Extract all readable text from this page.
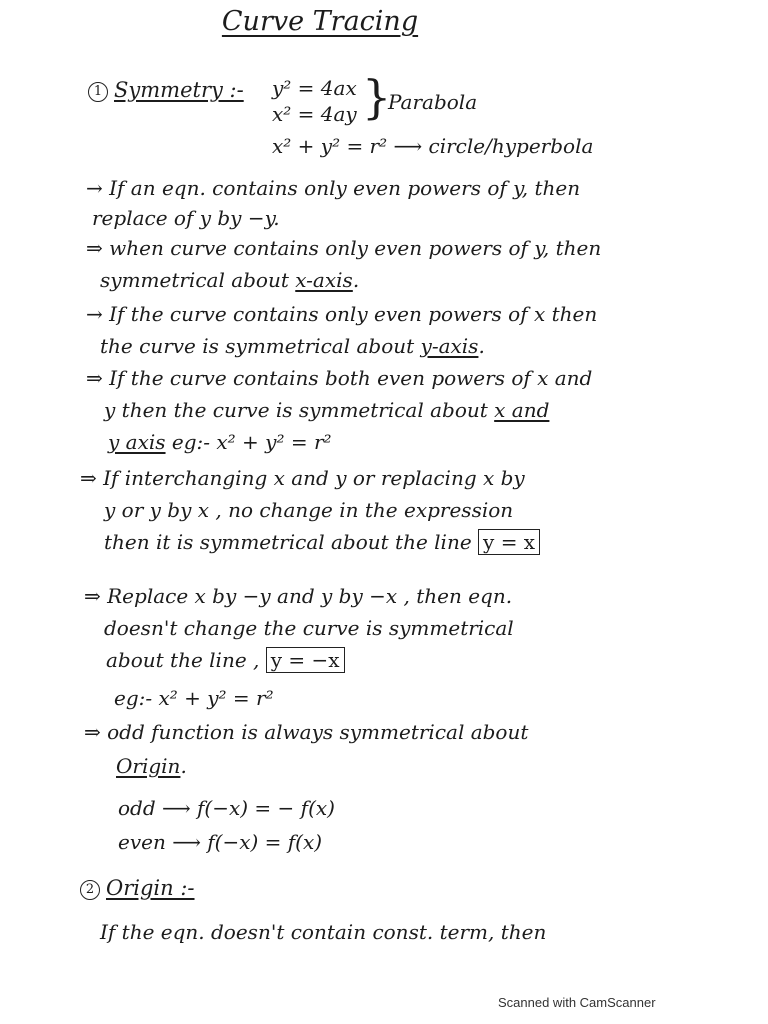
Curve Tracing
1 Symmetry :- y² = 4ax
x² = 4ay }
Parabola
x² + y² = r² ⟶ circle/hyperbola
→ If an eqn. contains only even powers of y, then
replace of y by −y.
⇒ when curve contains only even powers of y, then
symmetrical about x-axis.
→ If the curve contains only even powers of x then
the curve is symmetrical about y-axis.
⇒ If the curve contains both even powers of x and
y then the curve is symmetrical about x and
y axis eg:- x² + y² = r²
⇒ If interchanging x and y or replacing x by
y or y by x , no change in the expression
then it is symmetrical about the line y = x
⇒ Replace x by −y and y by −x , then eqn.
doesn't change the curve is symmetrical
about the line , y = −x
eg:- x² + y² = r²
⇒ odd function is always symmetrical about
Origin.
odd ⟶ f(−x) = − f(x)
even ⟶ f(−x) = f(x)
2 Origin :-
If the eqn. doesn't contain const. term, then
Scanned with CamScanner
